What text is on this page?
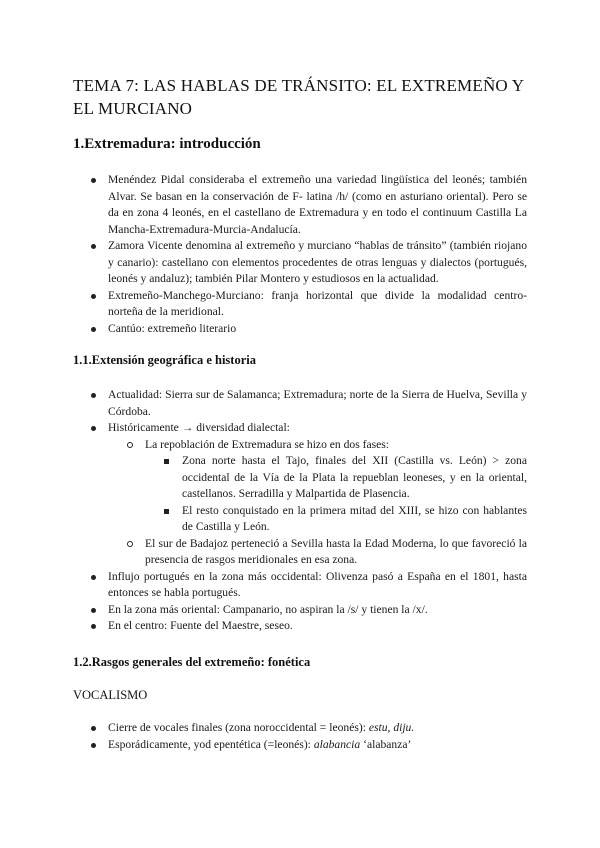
TEMA 7: LAS HABLAS DE TRÁNSITO: EL EXTREMEÑO Y EL MURCIANO
1.Extremadura: introducción
Menéndez Pidal consideraba el extremeño una variedad lingüística del leonés; también Alvar. Se basan en la conservación de F- latina /h/ (como en asturiano oriental). Pero se da en zona 4 leonés, en el castellano de Extremadura y en todo el continuum Castilla La Mancha-Extremadura-Murcia-Andalucía.
Zamora Vicente denomina al extremeño y murciano “hablas de tránsito” (también riojano y canario): castellano con elementos procedentes de otras lenguas y dialectos (portugués, leonés y andaluz); también Pilar Montero y estudiosos en la actualidad.
Extremeño-Manchego-Murciano: franja horizontal que divide la modalidad centro-norteña de la meridional.
Cantúo: extremeño literario
1.1.Extensión geográfica e historia
Actualidad: Sierra sur de Salamanca; Extremadura; norte de la Sierra de Huelva, Sevilla y Córdoba.
Históricamente → diversidad dialectal:
La repoblación de Extremadura se hizo en dos fases:
Zona norte hasta el Tajo, finales del XII (Castilla vs. León) > zona occidental de la Vía de la Plata la repueblan leoneses, y en la oriental, castellanos. Serradilla y Malpartida de Plasencia.
El resto conquistado en la primera mitad del XIII, se hizo con hablantes de Castilla y León.
El sur de Badajoz perteneció a Sevilla hasta la Edad Moderna, lo que favoreció la presencia de rasgos meridionales en esa zona.
Influjo portugués en la zona más occidental: Olivenza pasó a España en el 1801, hasta entonces se habla portugués.
En la zona más oriental: Campanario, no aspiran la /s/ y tienen la /x/.
En el centro: Fuente del Maestre, seseo.
1.2.Rasgos generales del extremeño: fonética
VOCALISMO
Cierre de vocales finales (zona noroccidental = leonés): estu, diju.
Esporádicamente, yod epentética (=leonés): alabancia ‘alabanza’
